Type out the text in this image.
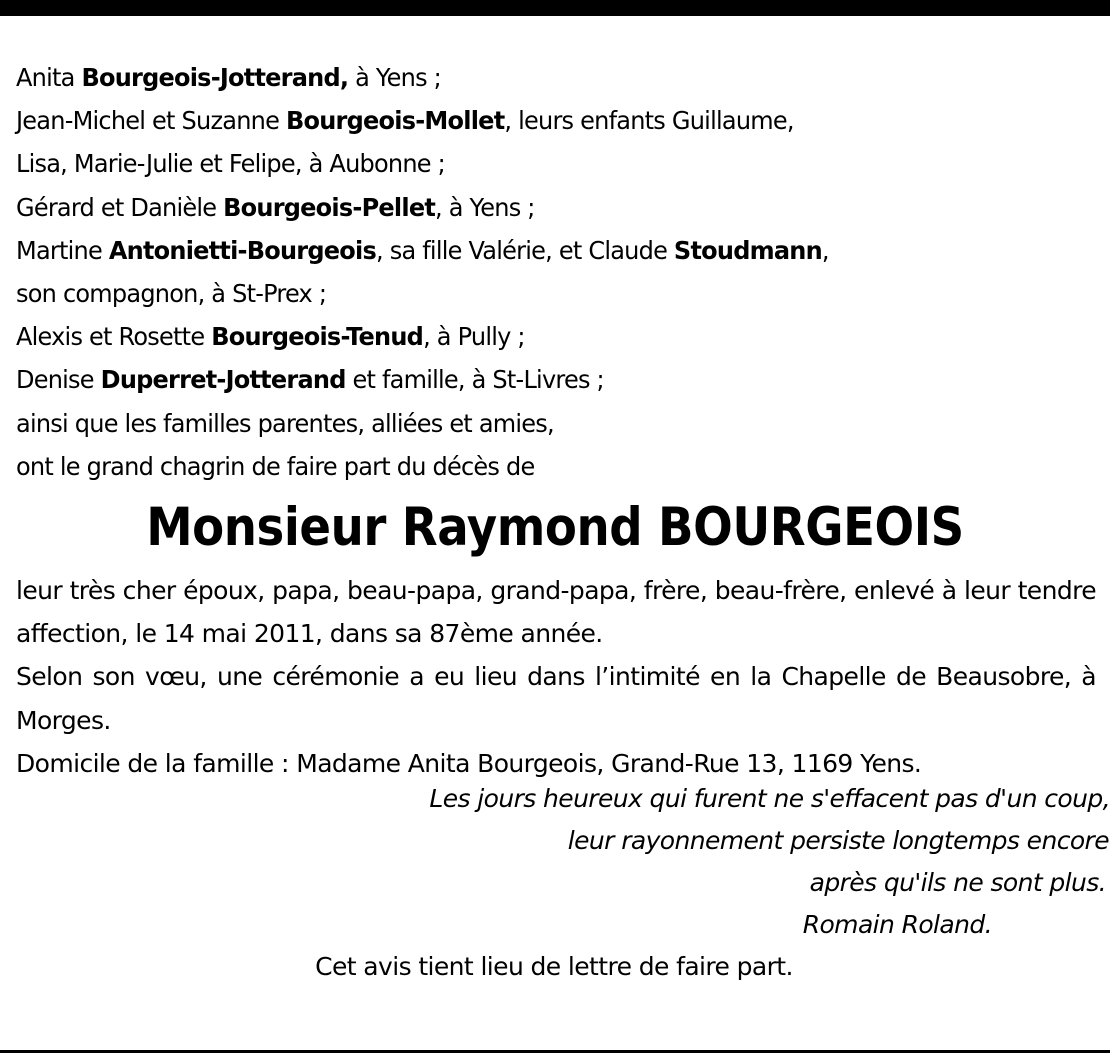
Anita Bourgeois-Jotterand, à Yens ;
Jean-Michel et Suzanne Bourgeois-Mollet, leurs enfants Guillaume,
Lisa, Marie-Julie et Felipe, à Aubonne ;
Gérard et Danièle Bourgeois-Pellet, à Yens ;
Martine Antonietti-Bourgeois, sa fille Valérie, et Claude Stoudmann,
son compagnon, à St-Prex ;
Alexis et Rosette Bourgeois-Tenud, à Pully ;
Denise Duperret-Jotterand et famille, à St-Livres ;
ainsi que les familles parentes, alliées et amies,
ont le grand chagrin de faire part du décès de
Monsieur Raymond BOURGEOIS

leur très cher époux, papa, beau-papa, grand-papa, frère, beau-frère, enlevé à leur tendre affection, le 14 mai 2011, dans sa 87ème année.

Selon son vœu, une cérémonie a eu lieu dans l’intimité en la Chapelle de Beausobre, à Morges.

Domicile de la famille : Madame Anita Bourgeois, Grand-Rue 13, 1169 Yens.

Les jours heureux qui furent ne s'effacent pas d'un coup,
leur rayonnement persiste longtemps encore
après qu'ils ne sont plus.
Romain Roland.
Cet avis tient lieu de lettre de faire part.
